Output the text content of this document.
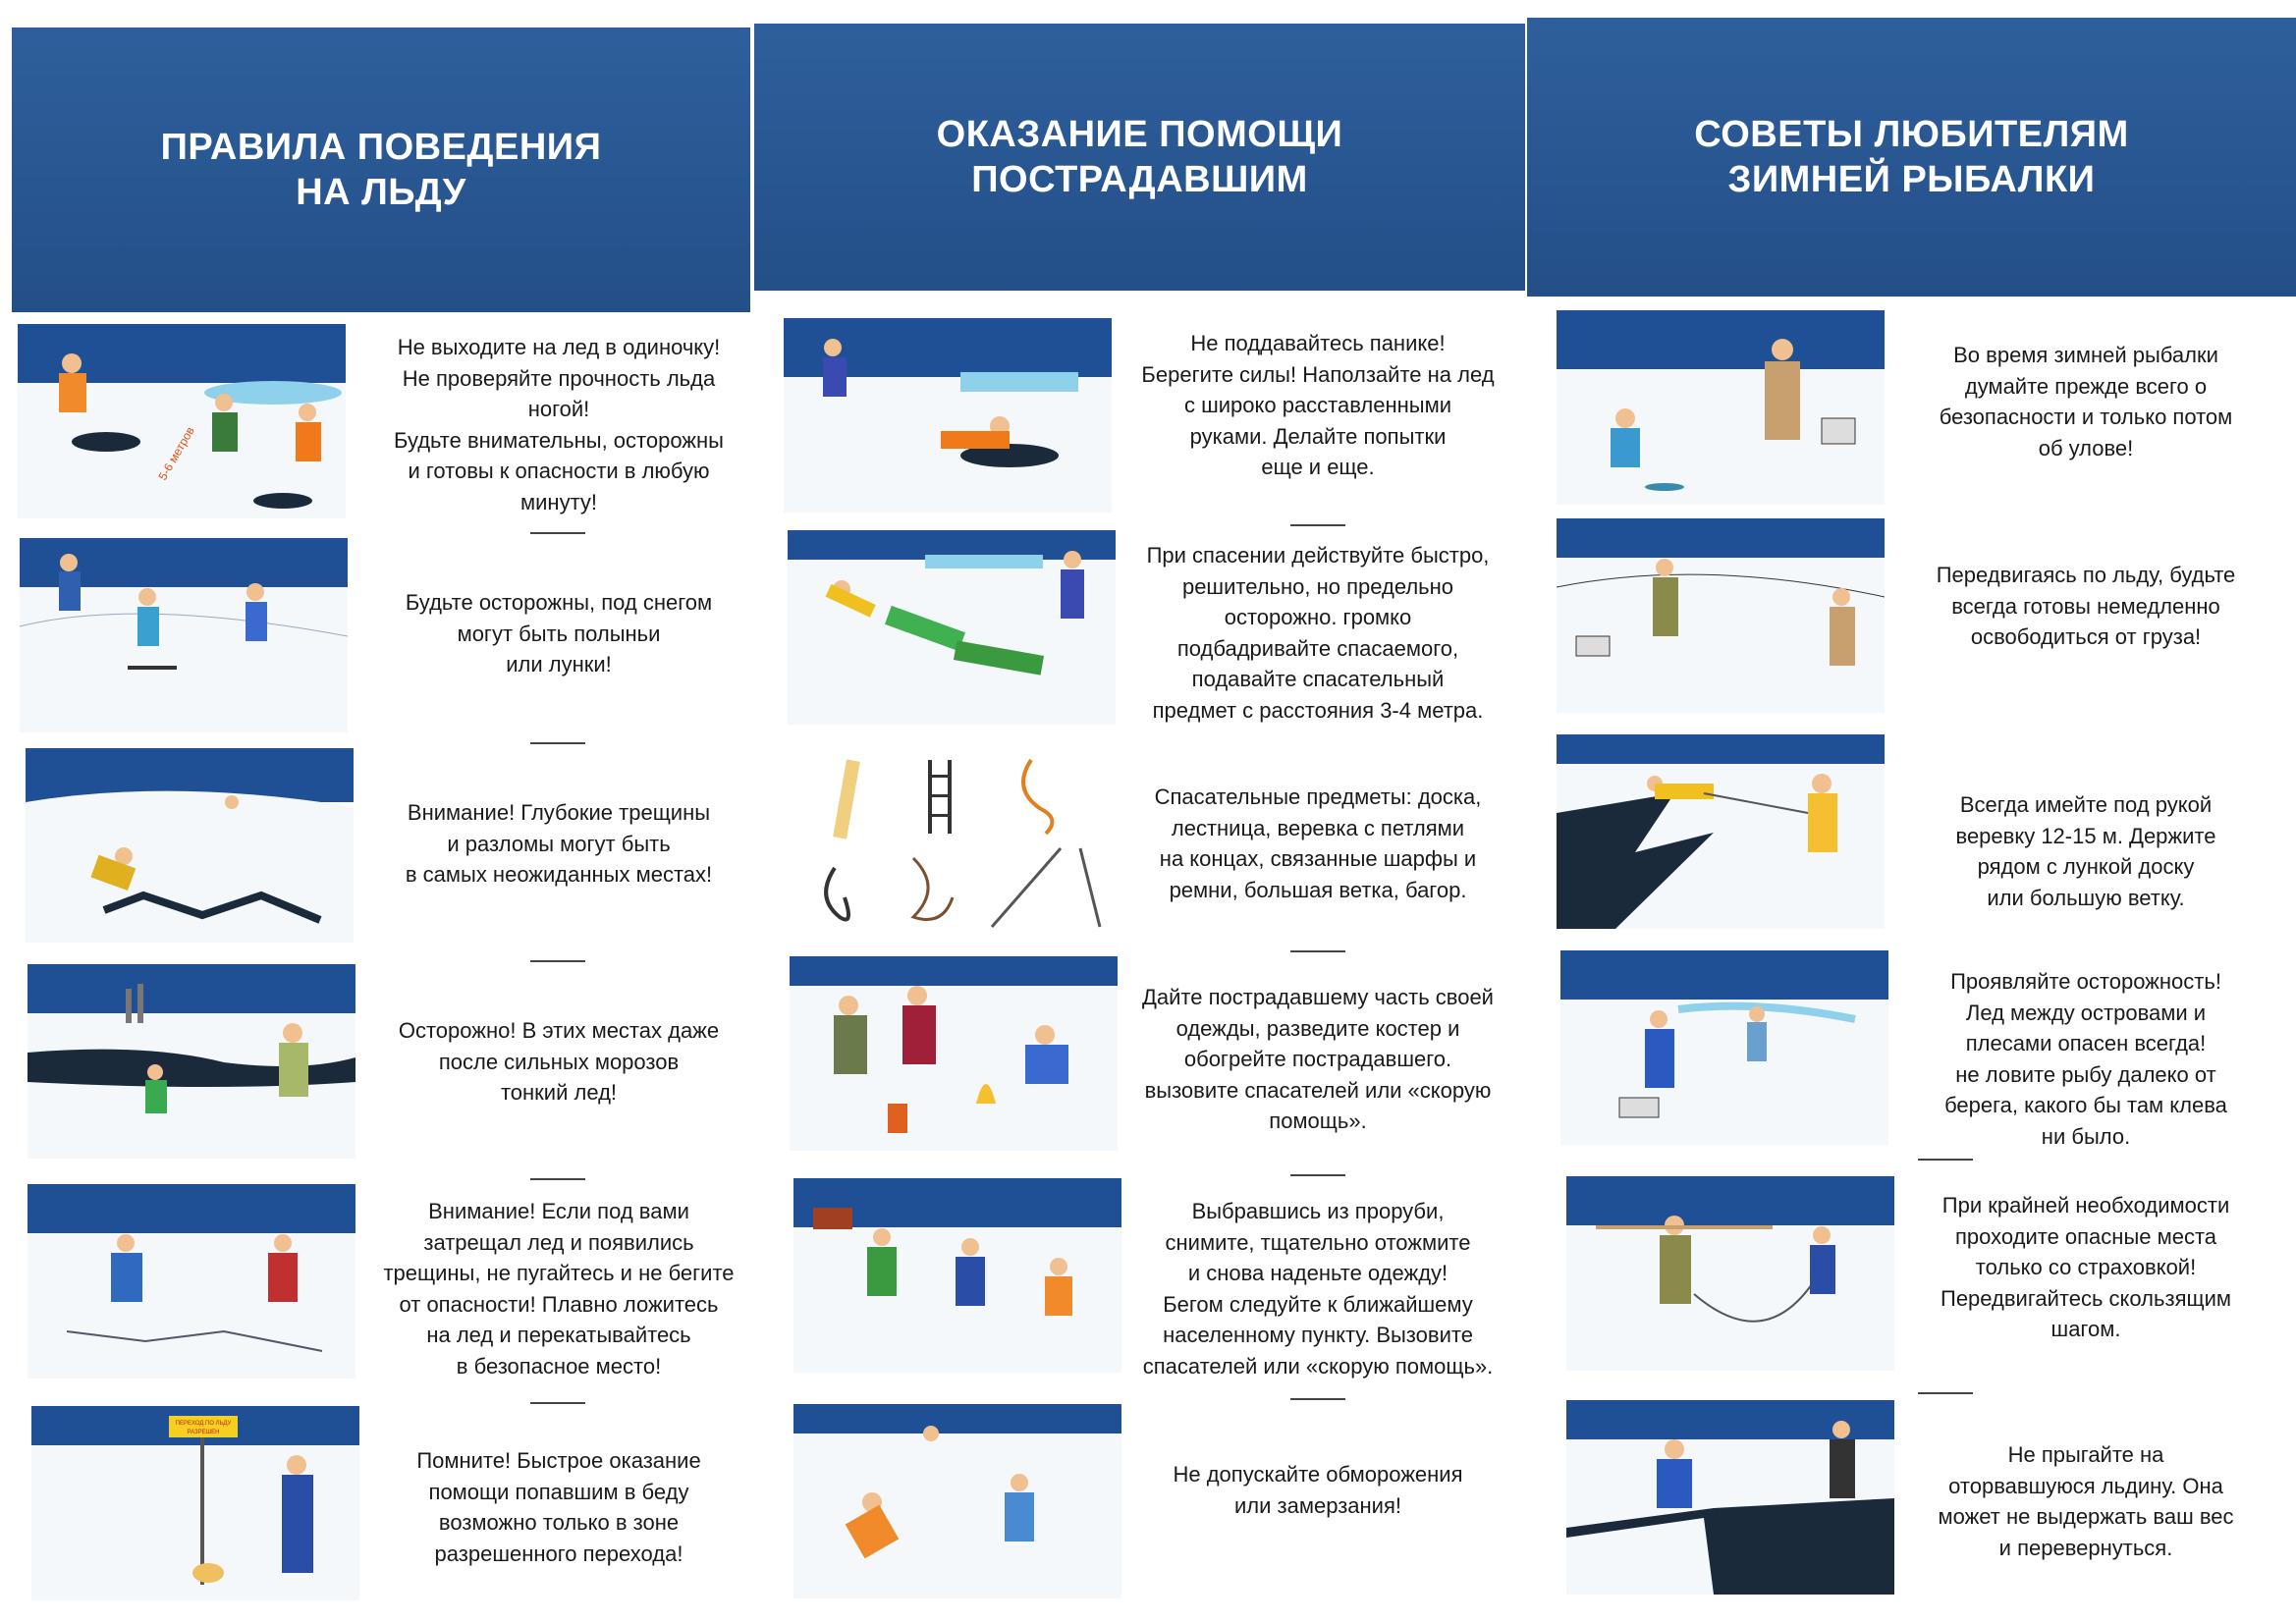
ПРАВИЛА ПОВЕДЕНИЯ
НА ЛЬДУ
5-6 метров
Не выходите на лед в одиночку!
Не проверяйте прочность льда
ногой!
Будьте внимательны, осторожны
и готовы к опасности в любую
минуту!
Будьте осторожны, под снегом
могут быть полыньи
или лунки!
Внимание! Глубокие трещины
и разломы могут быть
в самых неожиданных местах!
Осторожно! В этих местах даже
после сильных морозов
тонкий лед!
Внимание! Если под вами
затрещал лед и появились
трещины, не пугайтесь и не бегите
от опасности! Плавно ложитесь
на лед и перекатывайтесь
в безопасное место!
ПЕРЕХОД ПО ЛЬДУ
РАЗРЕШЕН
Помните! Быстрое оказание
помощи попавшим в беду
возможно только в зоне
разрешенного перехода!
ОКАЗАНИЕ ПОМОЩИ
ПОСТРАДАВШИМ
Не поддавайтесь панике!
Берегите силы! Наползайте на лед
с широко расставленными
руками. Делайте попытки
еще и еще.
При спасении действуйте быстро,
решительно, но предельно
осторожно. громко
подбадривайте спасаемого,
подавайте спасательный
предмет с расстояния 3-4 метра.
Спасательные предметы: доска,
лестница, веревка с петлями
на концах, связанные шарфы и
ремни, большая ветка, багор.
Дайте пострадавшему часть своей
одежды, разведите костер и
обогрейте пострадавшего.
вызовите спасателей или «скорую
помощь».
Выбравшись из проруби,
снимите, тщательно отожмите
и снова наденьте одежду!
Бегом следуйте к ближайшему
населенному пункту. Вызовите
спасателей или «скорую помощь».
Не допускайте обморожения
или замерзания!
СОВЕТЫ ЛЮБИТЕЛЯМ
ЗИМНЕЙ РЫБАЛКИ
Во время зимней рыбалки
думайте прежде всего о
безопасности и только потом
об улове!
Передвигаясь по льду, будьте
всегда готовы немедленно
освободиться от груза!
Всегда имейте под рукой
веревку 12-15 м. Держите
рядом с лункой доску
или большую ветку.
Проявляйте осторожность!
Лед между островами и
плесами опасен всегда!
не ловите рыбу далеко от
берега, какого бы там клева
ни было.
При крайней необходимости
проходите опасные места
только со страховкой!
Передвигайтесь скользящим
шагом.
Не прыгайте на
оторвавшуюся льдину. Она
может не выдержать ваш вес
и перевернуться.
